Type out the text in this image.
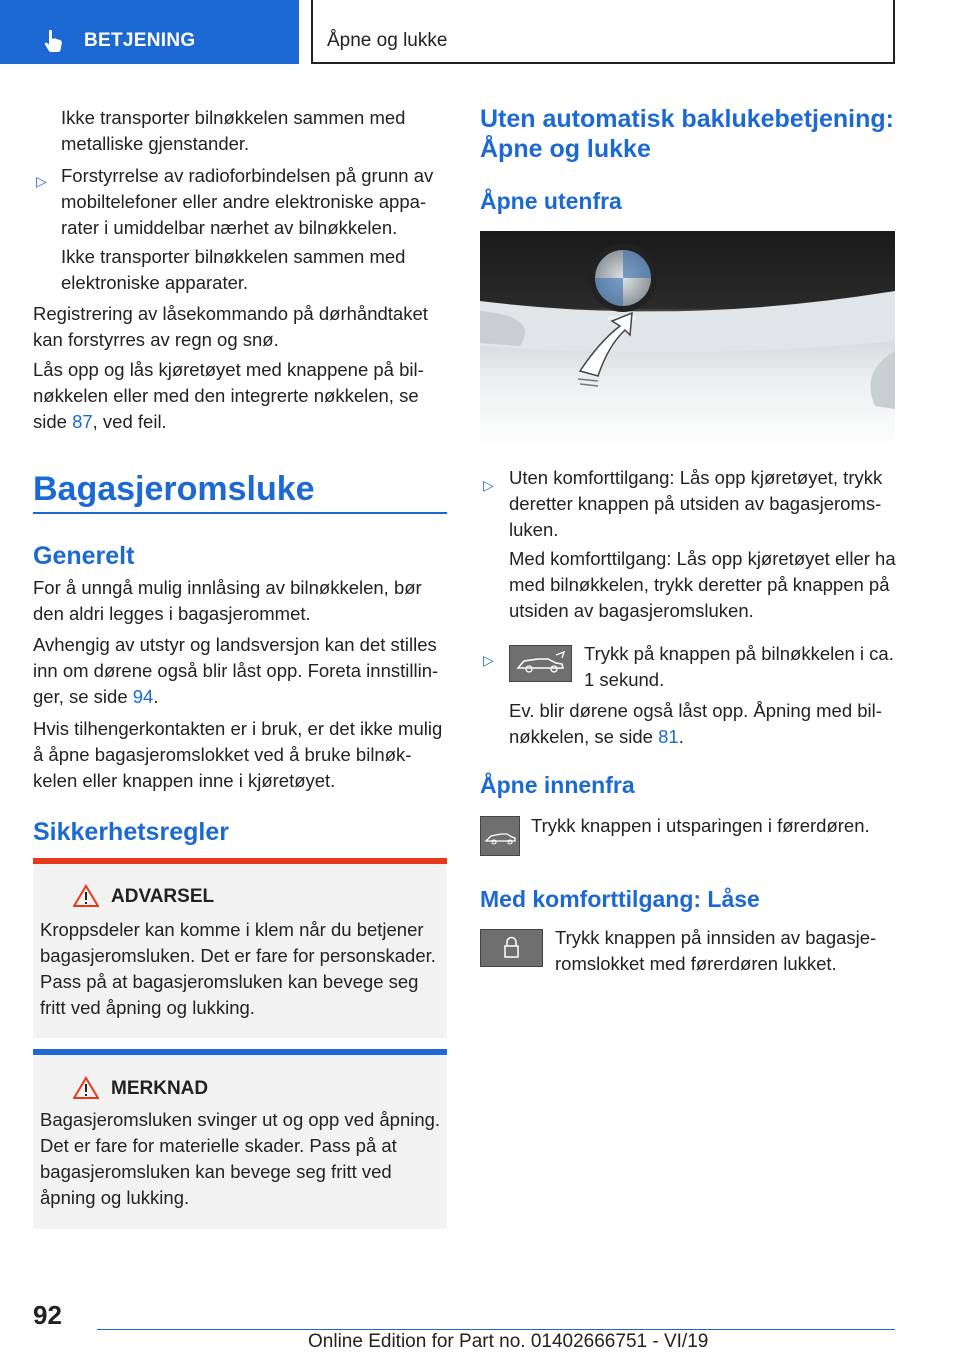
BETJENING	Åpne og lukke

Ikke transporter bilnøkkelen sammen med metalliske gjenstander.

▷ Forstyrrelse av radioforbindelsen på grunn av mobiltelefoner eller andre elektroniske apparater i umiddelbar nærhet av bilnøkkelen.

Ikke transporter bilnøkkelen sammen med elektroniske apparater.

Registrering av låsekommando på dørhåndtaket kan forstyrres av regn og snø.

Lås opp og lås kjøretøyet med knappene på bilnøkkelen eller med den integrerte nøkkelen, se side 87, ved feil.

Bagasjeromsluke
Generelt

For å unngå mulig innlåsing av bilnøkkelen, bør den aldri legges i bagasjerommet.

Avhengig av utstyr og landsversjon kan det stilles inn om dørene også blir låst opp. Foreta innstillinger, se side 94.

Hvis tilhengerkontakten er i bruk, er det ikke mulig å åpne bagasjeromslokket ved å bruke bilnøkkelen eller knappen inne i kjøretøyet.

Sikkerhetsregler
ADVARSEL

Kroppsdeler kan komme i klem når du betjener bagasjeromsluken. Det er fare for personskader. Pass på at bagasjeromsluken kan bevege seg fritt ved åpning og lukking.

MERKNAD

Bagasjeromsluken svinger ut og opp ved åpning. Det er fare for materielle skader. Pass på at bagasjeromsluken kan bevege seg fritt ved åpning og lukking.

Uten automatisk baklukebetjening: Åpne og lukke
Åpne utenfra
▷ Uten komforttilgang: Lås opp kjøretøyet, trykk deretter knappen på utsiden av bagasjeromsluken.

Med komforttilgang: Lås opp kjøretøyet eller ha med bilnøkkelen, trykk deretter på knappen på utsiden av bagasjeromsluken.

▷	Trykk på knappen på bilnøkkelen i ca. 1 sekund.

Ev. blir dørene også låst opp. Åpning med bilnøkkelen, se side 81.

Åpne innenfra

Trykk knappen i utsparingen i førerdøren.

Med komforttilgang: Låse

Trykk knappen på innsiden av bagasjeromslokket med førerdøren lukket.

92
Online Edition for Part no. 01402666751 - VI/19
